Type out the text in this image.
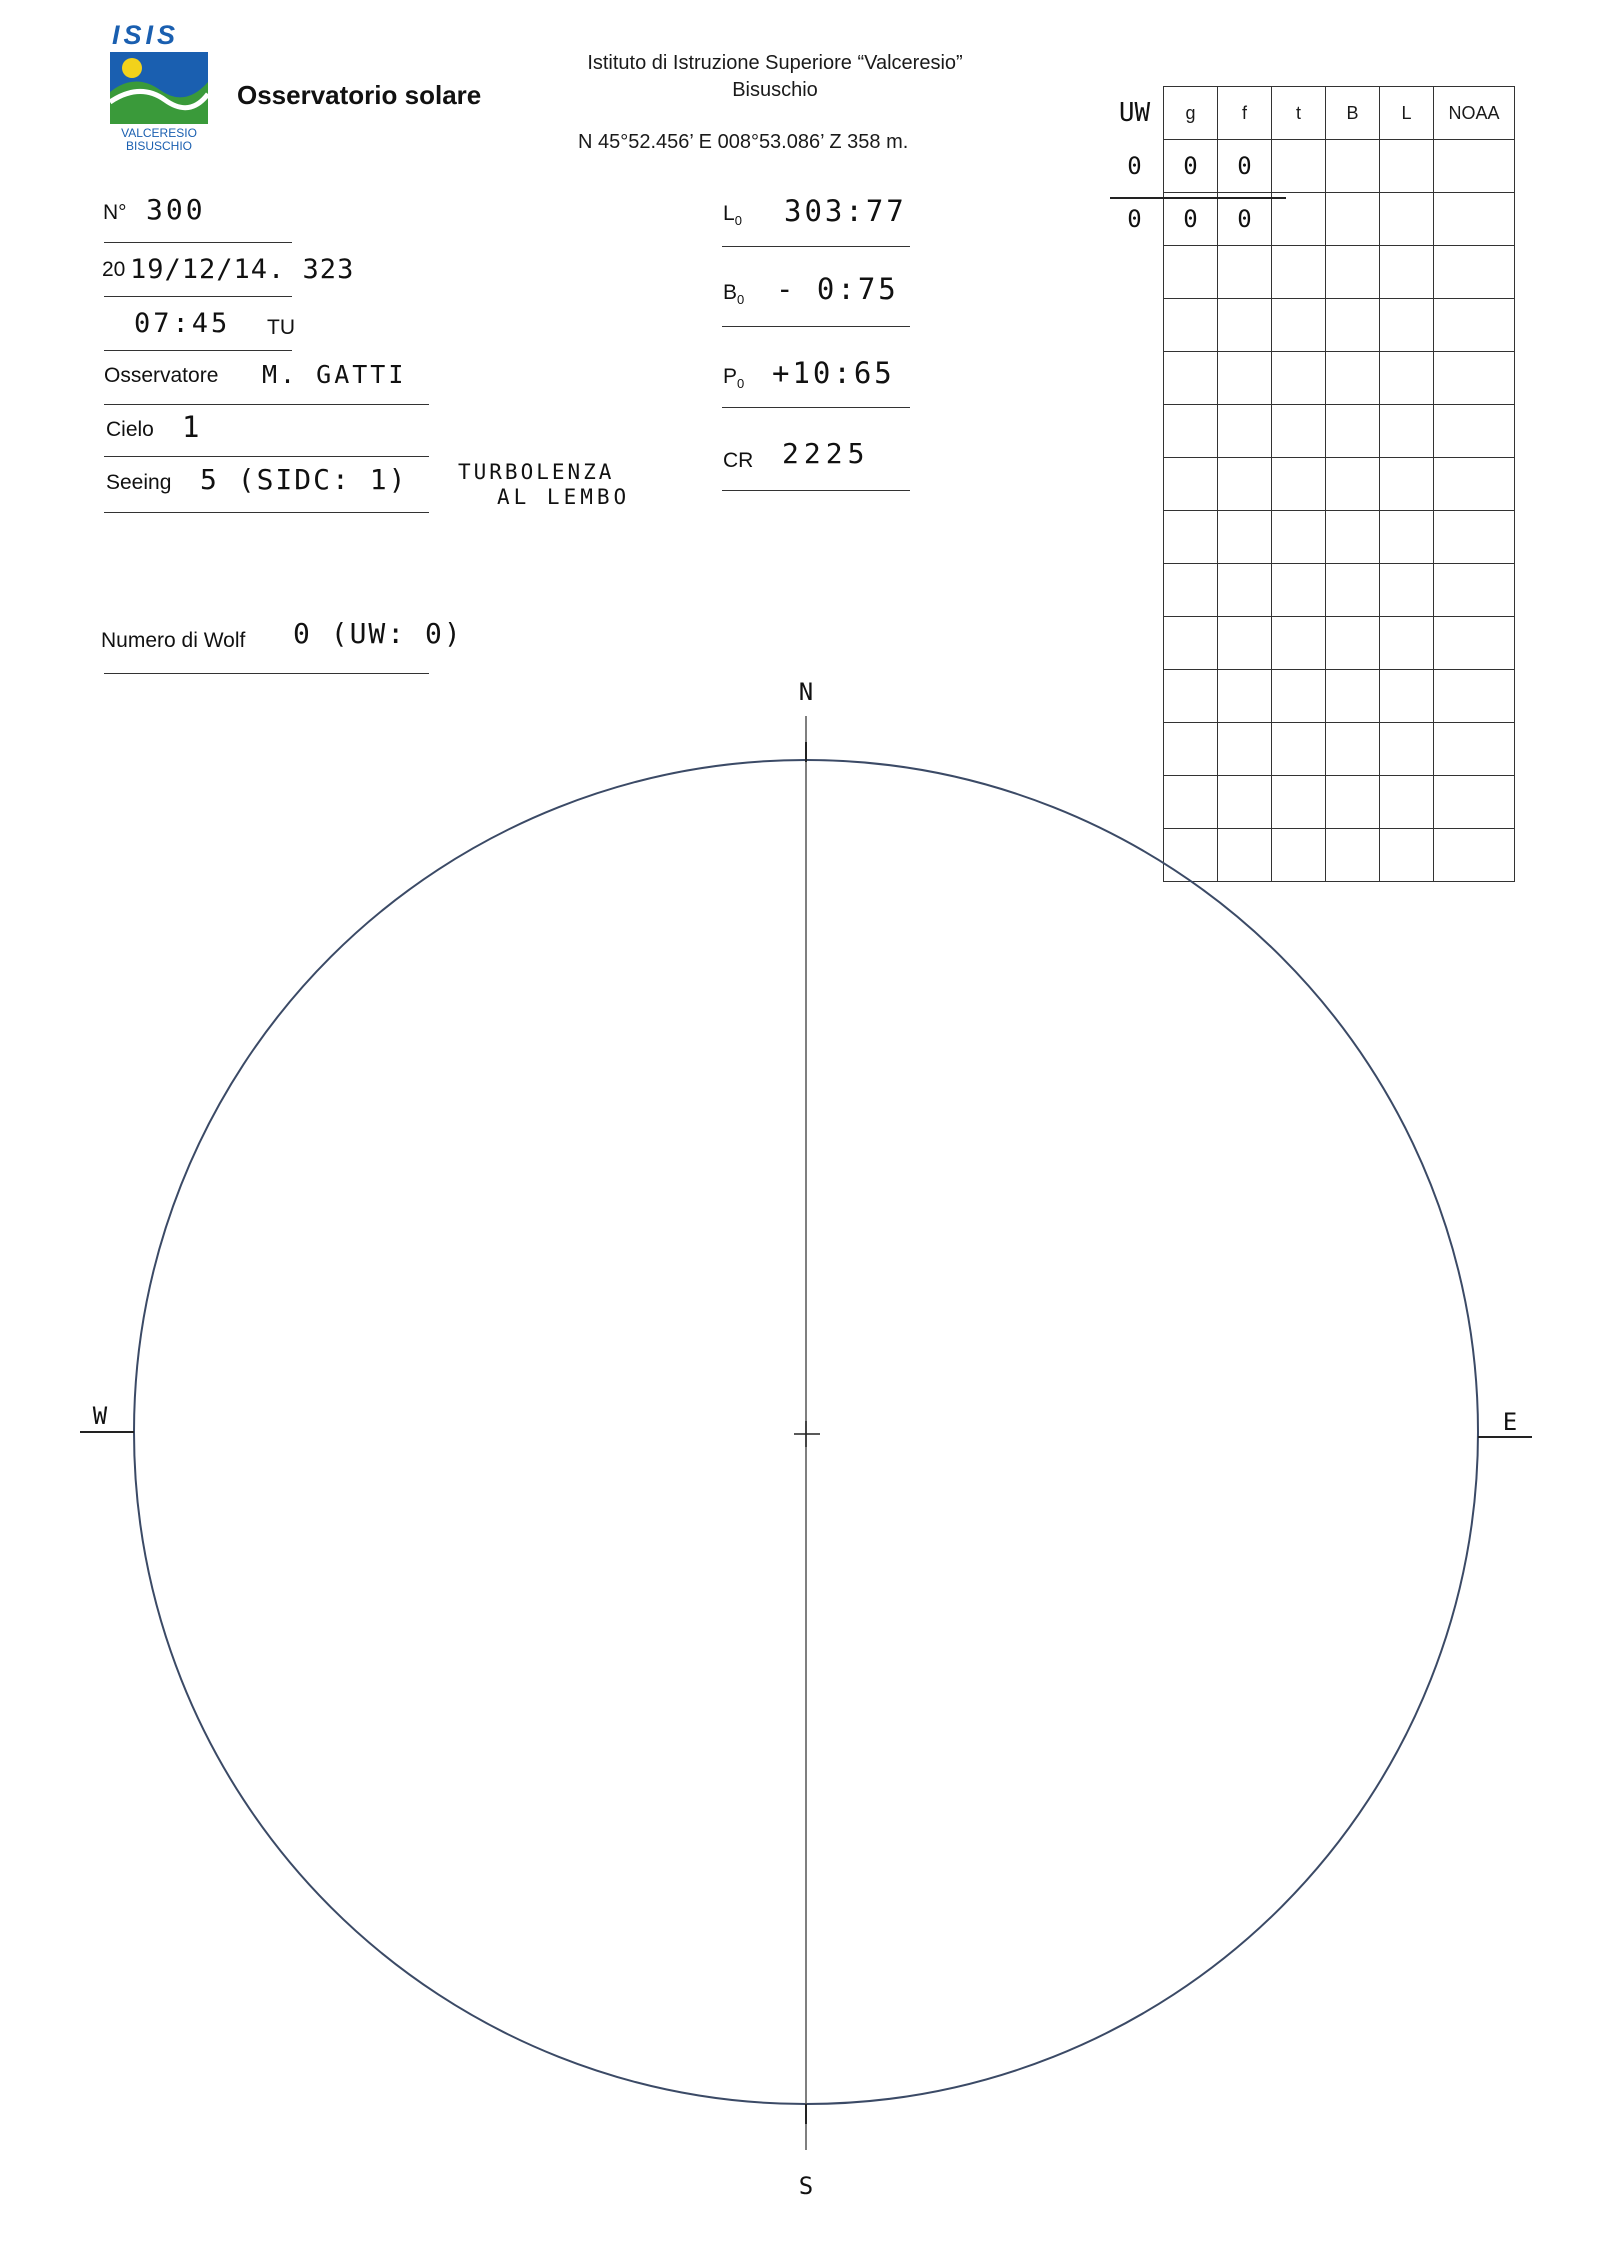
ISIS
VALCERESIO BISUSCHIO
Osservatorio solare
Istituto di Istruzione Superiore “Valceresio”
Bisuschio
N 45°52.456’ E 008°53.086’ Z 358 m.
N° 300
20 19/12/14. 323
07:45 TU
Osservatore M. GATTI
Cielo 1
Seeing 5 (SIDC: 1) TURBOLENZA
AL LEMBO
Numero di Wolf 0 (UW: 0)
$L_0$ 303:77
$B_0$ - 0:75
$P_0$ +10:65
CR 2225
UW	g	f	t	B	L	NOAA
0	0	0				
0	0	0				

N
S
E
W
